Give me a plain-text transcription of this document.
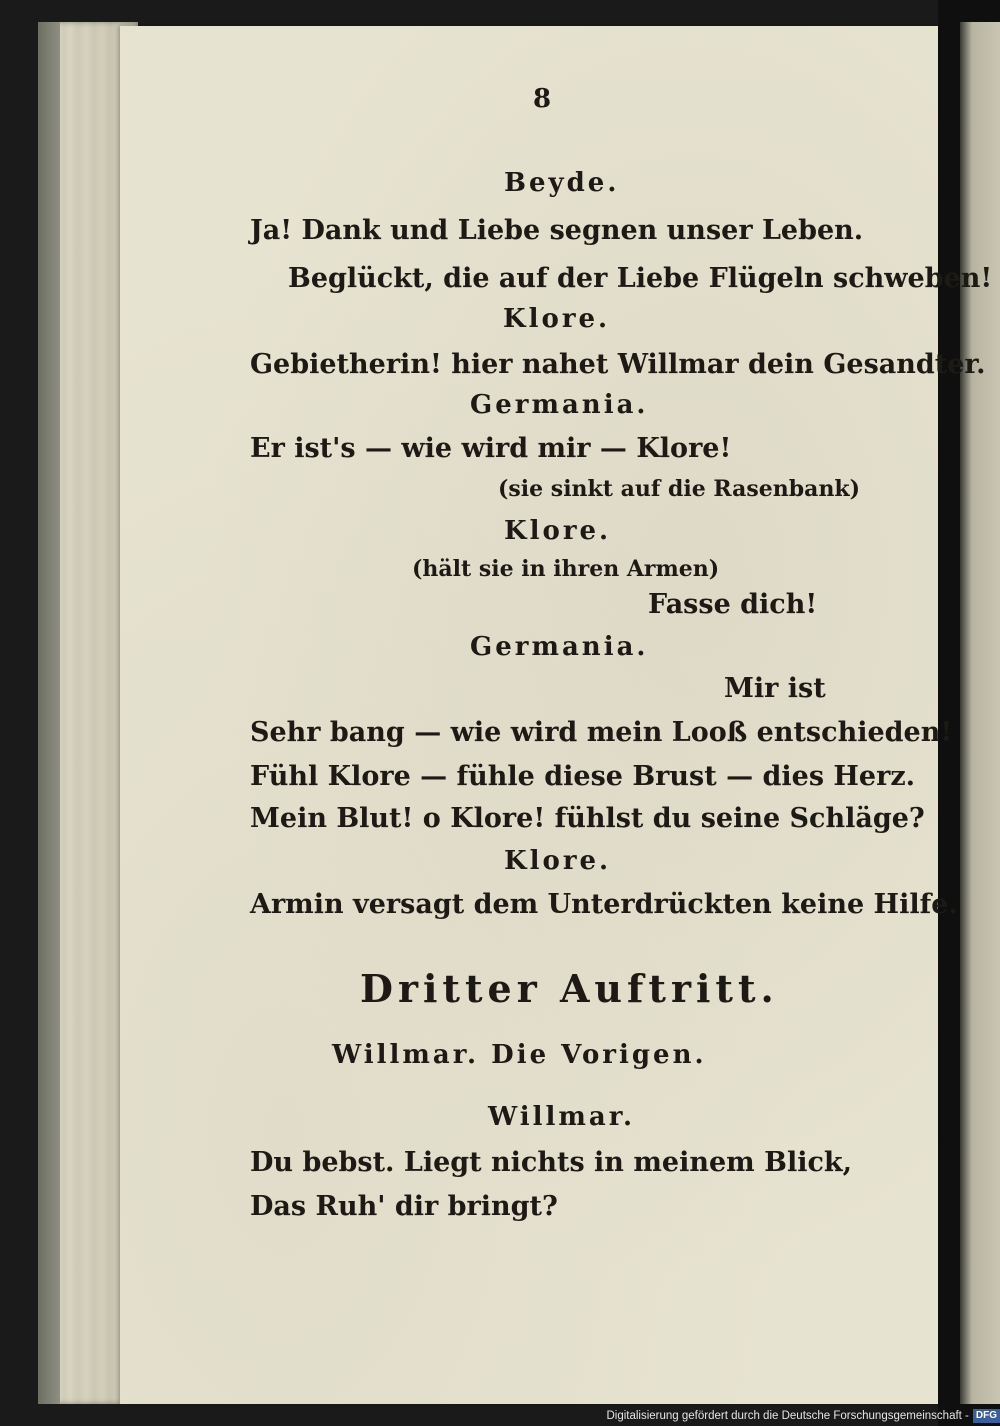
8
Beyde.
Ja! Dank und Liebe segnen unser Leben.
Beglückt, die auf der Liebe Flügeln schweben!
Klore.
Gebietherin! hier nahet Willmar dein Gesandter.
Germania.
Er ist's — wie wird mir — Klore!
(sie sinkt auf die Rasenbank)
Klore.
(hält sie in ihren Armen)
Fasse dich!
Germania.
Mir ist
Sehr bang — wie wird mein Looß entschieden!
Fühl Klore — fühle diese Brust — dies Herz.
Mein Blut! o Klore! fühlst du seine Schläge?
Klore.
Armin versagt dem Unterdrückten keine Hilfe.
Dritter Auftritt.
Willmar. Die Vorigen.
Willmar.
Du bebst. Liegt nichts in meinem Blick,
Das Ruh' dir bringt?
Digitalisierung gefördert durch die Deutsche Forschungsgemeinschaft - DFG
